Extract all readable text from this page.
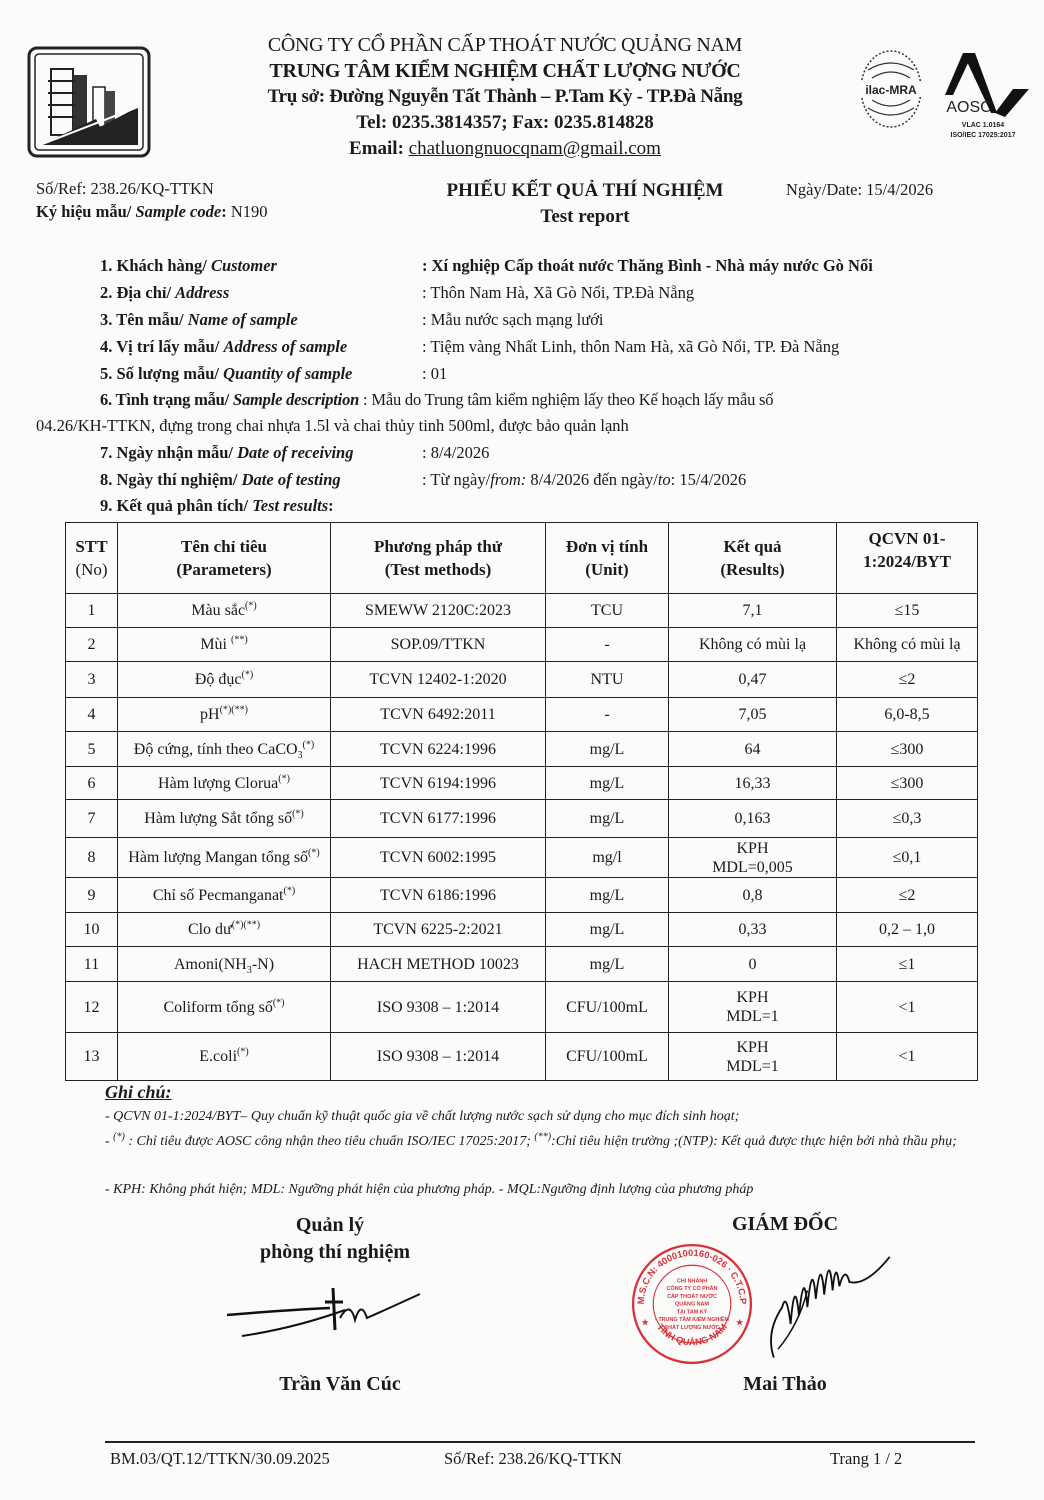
CÔNG TY CỔ PHẦN CẤP THOÁT NƯỚC QUẢNG NAM
TRUNG TÂM KIỂM NGHIỆM CHẤT LƯỢNG NƯỚC
Trụ sở: Đường Nguyễn Tất Thành – P.Tam Kỳ - TP.Đà Nẵng
Tel: 0235.3814357; Fax: 0235.814828
Email: chatluongnuocqnam@gmail.com
ilac-MRA
AOSC
VLAC 1.0164
ISO/IEC 17025:2017
Số/Ref: 238.26/KQ-TTKN
Ký hiệu mẫu/ Sample code: N190
PHIẾU KẾT QUẢ THÍ NGHIỆM
Test report
Ngày/Date: 15/4/2026
1. Khách hàng/ Customer	: Xí nghiệp Cấp thoát nước Thăng Bình - Nhà máy nước Gò Nổi
2. Địa chỉ/ Address	: Thôn Nam Hà, Xã Gò Nổi, TP.Đà Nẵng
3. Tên mẫu/ Name of sample	: Mẫu nước sạch mạng lưới
4. Vị trí lấy mẫu/ Address of sample	: Tiệm vàng Nhất Linh, thôn Nam Hà, xã Gò Nổi, TP. Đà Nẵng
5. Số lượng mẫu/ Quantity of sample	: 01
6. Tình trạng mẫu/ Sample description : Mẫu do Trung tâm kiểm nghiệm lấy theo Kế hoạch lấy mẫu số
04.26/KH-TTKN, đựng trong chai nhựa 1.5l và chai thủy tinh 500ml, được bảo quản lạnh
7. Ngày nhận mẫu/ Date of receiving	: 8/4/2026
8. Ngày thí nghiệm/ Date of testing	: Từ ngày/from: 8/4/2026 đến ngày/to: 15/4/2026
9. Kết quả phân tích/ Test results:
STT
(No)	Tên chỉ tiêu
(Parameters)	Phương pháp thử
(Test methods)	Đơn vị tính
(Unit)	Kết quả
(Results)	QCVN 01-
1:2024/BYT
1	Màu sắc(*)	SMEWW 2120C:2023	TCU	7,1	≤15
2	Mùi (**)	SOP.09/TTKN	-	Không có mùi lạ	Không có mùi lạ
3	Độ đục(*)	TCVN 12402-1:2020	NTU	0,47	≤2
4	pH(*)(**)	TCVN 6492:2011	-	7,05	6,0-8,5
5	Độ cứng, tính theo CaCO$_3$(*)	TCVN 6224:1996	mg/L	64	≤300
6	Hàm lượng Clorua(*)	TCVN 6194:1996	mg/L	16,33	≤300
7	Hàm lượng Sắt tổng số(*)	TCVN 6177:1996	mg/L	0,163	≤0,3
8	Hàm lượng Mangan tổng số(*)	TCVN 6002:1995	mg/l	KPH
MDL=0,005	≤0,1
9	Chỉ số Pecmanganat(*)	TCVN 6186:1996	mg/L	0,8	≤2
10	Clo dư(*)(**)	TCVN 6225-2:2021	mg/L	0,33	0,2 – 1,0
11	$Amoni(NH_3-N)$	HACH METHOD 10023	mg/L	0	≤1
12	Coliform tổng số(*)	ISO 9308 – 1:2014	CFU/100mL	KPH
MDL=1	<1
13	E.coli(*)	ISO 9308 – 1:2014	CFU/100mL	KPH
MDL=1	<1
Ghi chú:
- QCVN 01-1:2024/BYT– Quy chuẩn kỹ thuật quốc gia về chất lượng nước sạch sử dụng cho mục đích sinh hoạt;
- (*) : Chỉ tiêu được AOSC công nhận theo tiêu chuẩn ISO/IEC 17025:2017; (**):Chỉ tiêu hiện trường ;(NTP): Kết quả được thực hiện bởi nhà thầu phụ;
- KPH: Không phát hiện; MDL: Ngưỡng phát hiện của phương pháp. - MQL:Ngưỡng định lượng của phương pháp
Quản lý
phòng thí nghiệm
Trần Văn Cúc
M.S.C.N: 4000100160-026 · C.T.C.P
TỈNH QUẢNG NAM
CHI NHÁNH
CÔNG TY CỔ PHẦN
CẤP THOÁT NƯỚC
QUẢNG NAM
TẠI TAM KỲ
- TRUNG TÂM KIỂM NGHIỆM
CHẤT LƯỢNG NƯỚC
★	★
GIÁM ĐỐC
Mai Thảo
BM.03/QT.12/TTKN/30.09.2025	Số/Ref: 238.26/KQ-TTKN	Trang 1 / 2
